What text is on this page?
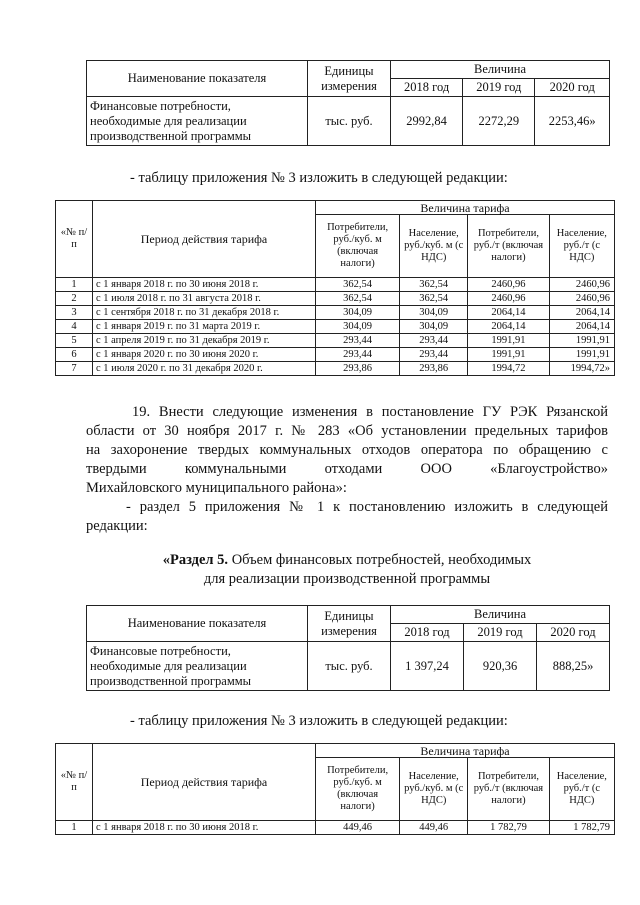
Наименование показателя	Единицы измерения	Величина		
		2018 год	2019 год	2020 год
Финансовые потребности, необходимые для реализации производственной программы	тыс. руб.	2992,84	2272,29	2253,46»
- таблицу приложения № 3 изложить в следующей редакции:
«№ п/п	Период действия тарифа	Величина тарифа			
		Потребители, руб./куб. м (включая налоги)	Население, руб./куб. м (с НДС)	Потребители, руб./т (включая налоги)	Население, руб./т (с НДС)
1	с 1 января 2018 г. по 30 июня 2018 г.	362,54	362,54	2460,96	2460,96
2	с 1 июля 2018 г. по 31 августа 2018 г.	362,54	362,54	2460,96	2460,96
3	с 1 сентября 2018 г. по 31 декабря 2018 г.	304,09	304,09	2064,14	2064,14
4	с 1 января 2019 г. по 31 марта 2019 г.	304,09	304,09	2064,14	2064,14
5	с 1 апреля 2019 г. по 31 декабря 2019 г.	293,44	293,44	1991,91	1991,91
6	с 1 января 2020 г. по 30 июня 2020 г.	293,44	293,44	1991,91	1991,91
7	с 1 июля 2020 г. по 31 декабря 2020 г.	293,86	293,86	1994,72	1994,72»
19. Внести следующие изменения в постановление ГУ РЭК Рязанской
области от 30 ноября 2017 г. № 283 «Об установлении предельных тарифов
на захоронение твердых коммунальных отходов оператора по обращению с
твердыми коммунальными отходами ООО «Благоустройство»
Михайловского муниципального района»:
- раздел 5 приложения № 1 к постановлению изложить в следующей
редакции:
«Раздел 5. Объем финансовых потребностей, необходимых
для реализации производственной программы
Наименование показателя	Единицы измерения	Величина		
		2018 год	2019 год	2020 год
Финансовые потребности, необходимые для реализации производственной программы	тыс. руб.	1 397,24	920,36	888,25»
- таблицу приложения № 3 изложить в следующей редакции:
«№ п/п	Период действия тарифа	Величина тарифа			
		Потребители, руб./куб. м (включая налоги)	Население, руб./куб. м (с НДС)	Потребители, руб./т (включая налоги)	Население, руб./т (с НДС)
1	с 1 января 2018 г. по 30 июня 2018 г.	449,46	449,46	1 782,79	1 782,79
